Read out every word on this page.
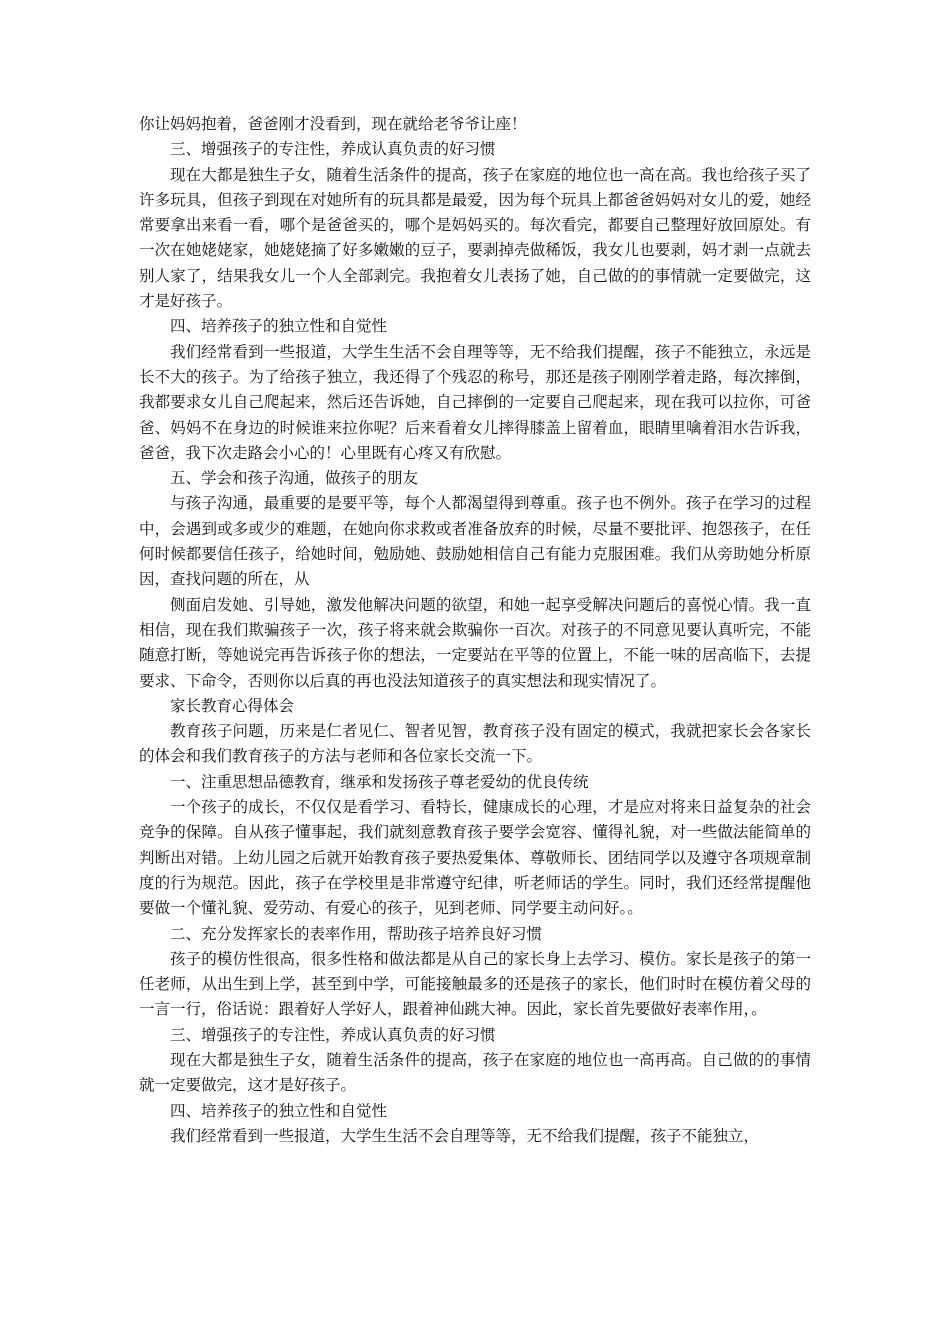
你让妈妈抱着，爸爸刚才没看到，现在就给老爷爷让座！

三、增强孩子的专注性，养成认真负责的好习惯

现在大都是独生子女，随着生活条件的提高，孩子在家庭的地位也一高在高。我也给孩子买了许多玩具，但孩子到现在对她所有的玩具都是最爱，因为每个玩具上都爸爸妈妈对女儿的爱，她经常要拿出来看一看，哪个是爸爸买的，哪个是妈妈买的。每次看完，都要自己整理好放回原处。有一次在她姥姥家，她姥姥摘了好多嫩嫩的豆子，要剥掉壳做稀饭，我女儿也要剥，妈才剥一点就去别人家了，结果我女儿一个人全部剥完。我抱着女儿表扬了她，自己做的的事情就一定要做完，这才是好孩子。

四、培养孩子的独立性和自觉性

我们经常看到一些报道，大学生生活不会自理等等，无不给我们提醒，孩子不能独立，永远是长不大的孩子。为了给孩子独立，我还得了个残忍的称号，那还是孩子刚刚学着走路，每次摔倒，我都要求女儿自己爬起来，然后还告诉她，自己摔倒的一定要自己爬起来，现在我可以拉你，可爸爸、妈妈不在身边的时候谁来拉你呢？后来看着女儿摔得膝盖上留着血，眼睛里噙着泪水告诉我，爸爸，我下次走路会小心的！心里既有心疼又有欣慰。

五、学会和孩子沟通，做孩子的朋友

与孩子沟通，最重要的是要平等，每个人都渴望得到尊重。孩子也不例外。孩子在学习的过程中，会遇到或多或少的难题，在她向你求救或者准备放弃的时候，尽量不要批评、抱怨孩子，在任何时候都要信任孩子，给她时间，勉励她、鼓励她相信自己有能力克服困难。我们从旁助她分析原因，查找问题的所在，从

侧面启发她、引导她，激发他解决问题的欲望，和她一起享受解决问题后的喜悦心情。我一直相信，现在我们欺骗孩子一次，孩子将来就会欺骗你一百次。对孩子的不同意见要认真听完，不能随意打断，等她说完再告诉孩子你的想法，一定要站在平等的位置上，不能一味的居高临下，去提要求、下命令，否则你以后真的再也没法知道孩子的真实想法和现实情况了。

家长教育心得体会

教育孩子问题，历来是仁者见仁、智者见智，教育孩子没有固定的模式，我就把家长会各家长的体会和我们教育孩子的方法与老师和各位家长交流一下。

一、注重思想品德教育，继承和发扬孩子尊老爱幼的优良传统

一个孩子的成长，不仅仅是看学习、看特长，健康成长的心理，才是应对将来日益复杂的社会竞争的保障。自从孩子懂事起，我们就刻意教育孩子要学会宽容、懂得礼貌，对一些做法能简单的判断出对错。上幼儿园之后就开始教育孩子要热爱集体、尊敬师长、团结同学以及遵守各项规章制度的行为规范。因此，孩子在学校里是非常遵守纪律，听老师话的学生。同时，我们还经常提醒他要做一个懂礼貌、爱劳动、有爱心的孩子，见到老师、同学要主动问好。。

二、充分发挥家长的表率作用，帮助孩子培养良好习惯

孩子的模仿性很高，很多性格和做法都是从自己的家长身上去学习、模仿。家长是孩子的第一任老师，从出生到上学，甚至到中学，可能接触最多的还是孩子的家长，他们时时在模仿着父母的一言一行，俗话说：跟着好人学好人，跟着神仙跳大神。因此，家长首先要做好表率作用，。

三、增强孩子的专注性，养成认真负责的好习惯

现在大都是独生子女，随着生活条件的提高，孩子在家庭的地位也一高再高。自己做的的事情就一定要做完，这才是好孩子。

四、培养孩子的独立性和自觉性

我们经常看到一些报道，大学生生活不会自理等等，无不给我们提醒，孩子不能独立，
